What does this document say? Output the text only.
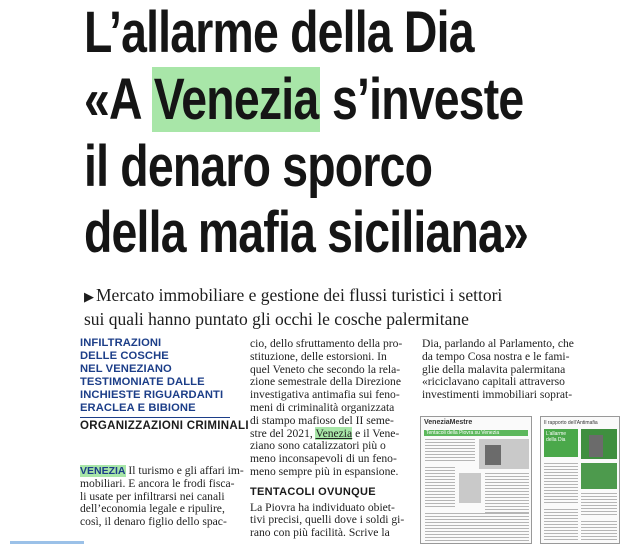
L’allarme della Dia
«A Venezia s’investe
il denaro sporco
della mafia siciliana»
▶ Mercato immobiliare e gestione dei flussi turistici i settori
sui quali hanno puntato gli occhi le cosche palermitane
INFILTRAZIONI
DELLE COSCHE
NEL VENEZIANO
TESTIMONIATE DALLE
INCHIESTE RIGUARDANTI
ERACLEA E BIBIONE
ORGANIZZAZIONI CRIMINALI
VENEZIA Il turismo e gli affari im-
mobiliari. E ancora le frodi fisca-
li usate per infiltrarsi nei canali
dell’economia legale e ripulire,
così, il denaro figlio dello spac-
cio, dello sfruttamento della pro-
stituzione, delle estorsioni. In
quel Veneto che secondo la rela-
zione semestrale della Direzione
investigativa antimafia sui feno-
meni di criminalità organizzata
di stampo mafioso del II seme-
stre del 2021, Venezia e il Vene-
ziano sono catalizzatori più o
meno inconsapevoli di un feno-
meno sempre più in espansione.
TENTACOLI OVUNQUE
La Piovra ha individuato obiet-
tivi precisi, quelli dove i soldi gi-
rano con più facilità. Scrive la
Dia, parlando al Parlamento, che
da tempo Cosa nostra e le fami-
glie della malavita palermitana
«riciclavano capitali attraverso
investimenti immobiliari soprat-
VeneziaMestre
Tentacoli della Piovra su Venezia
Il rapporto dell’Antimafia
L’allarme della Dia
